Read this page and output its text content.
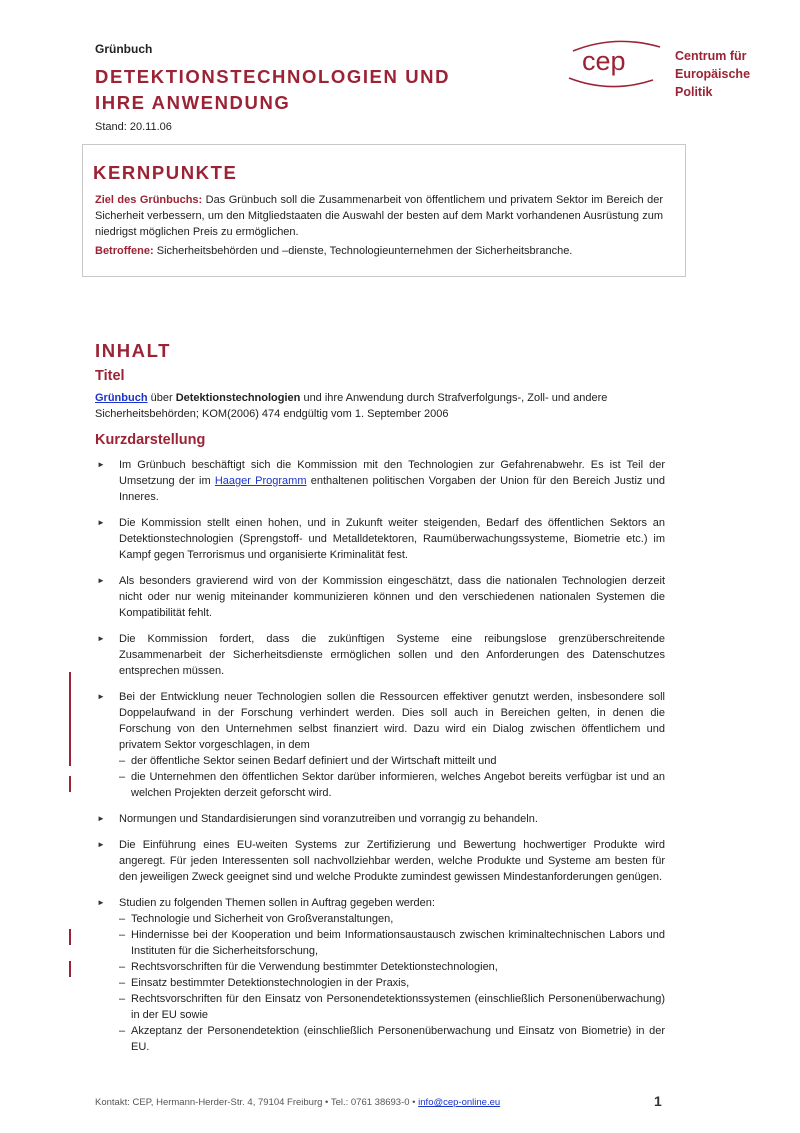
Grünbuch
DETEKTIONSTECHNOLOGIEN UND
IHRE ANWENDUNG
Stand: 20.11.06
cep	Centrum für
Europäische
Politik
KERNPUNKTE

Ziel des Grünbuchs: Das Grünbuch soll die Zusammenarbeit von öffentlichem und privatem Sektor im Bereich der Sicherheit verbessern, um den Mitgliedstaaten die Auswahl der besten auf dem Markt vorhandenen Ausrüstung zum niedrigst möglichen Preis zu ermöglichen.

Betroffene: Sicherheitsbehörden und –dienste, Technologieunternehmen der Sicherheitsbranche.

INHALT
Titel

Grünbuch über Detektionstechnologien und ihre Anwendung durch Strafverfolgungs-, Zoll- und andere Sicherheitsbehörden; KOM(2006) 474 endgültig vom 1. September 2006

Kurzdarstellung
► Im Grünbuch beschäftigt sich die Kommission mit den Technologien zur Gefahrenabwehr. Es ist Teil der Umsetzung der im Haager Programm enthaltenen politischen Vorgaben der Union für den Bereich Justiz und Inneres.
► Die Kommission stellt einen hohen, und in Zukunft weiter steigenden, Bedarf des öffentlichen Sektors an Detektionstechnologien (Sprengstoff- und Metalldetektoren, Raumüberwachungssysteme, Biometrie etc.) im Kampf gegen Terrorismus und organisierte Kriminalität fest.
► Als besonders gravierend wird von der Kommission eingeschätzt, dass die nationalen Technologien derzeit nicht oder nur wenig miteinander kommunizieren können und den verschiedenen nationalen Systemen die Kompatibilität fehlt.
► Die Kommission fordert, dass die zukünftigen Systeme eine reibungslose grenzüberschreitende Zusammenarbeit der Sicherheitsdienste ermöglichen sollen und den Anforderungen des Datenschutzes entsprechen müssen.
► Bei der Entwicklung neuer Technologien sollen die Ressourcen effektiver genutzt werden, insbesondere soll Doppelaufwand in der Forschung verhindert werden. Dies soll auch in Bereichen gelten, in denen die Forschung von den Unternehmen selbst finanziert wird. Dazu wird ein Dialog zwischen öffentlichem und privatem Sektor vorgeschlagen, in dem
– der öffentliche Sektor seinen Bedarf definiert und der Wirtschaft mitteilt und
– die Unternehmen den öffentlichen Sektor darüber informieren, welches Angebot bereits verfügbar ist und an welchen Projekten derzeit geforscht wird.
► Normungen und Standardisierungen sind voranzutreiben und vorrangig zu behandeln.
► Die Einführung eines EU-weiten Systems zur Zertifizierung und Bewertung hochwertiger Produkte wird angeregt. Für jeden Interessenten soll nachvollziehbar werden, welche Produkte und Systeme am besten für den jeweiligen Zweck geeignet sind und welche Produkte zumindest gewissen Mindestanforderungen genügen.
► Studien zu folgenden Themen sollen in Auftrag gegeben werden:
– Technologie und Sicherheit von Großveranstaltungen,
– Hindernisse bei der Kooperation und beim Informationsaustausch zwischen kriminaltechnischen Labors und Instituten für die Sicherheitsforschung,
– Rechtsvorschriften für die Verwendung bestimmter Detektionstechnologien,
– Einsatz bestimmter Detektionstechnologien in der Praxis,
– Rechtsvorschriften für den Einsatz von Personendetektionssystemen (einschließlich Personenüberwachung) in der EU sowie
– Akzeptanz der Personendetektion (einschließlich Personenüberwachung und Einsatz von Biometrie) in der EU.
Kontakt: CEP, Hermann-Herder-Str. 4, 79104 Freiburg • Tel.: 0761 38693-0 • info@cep-online.eu	1
